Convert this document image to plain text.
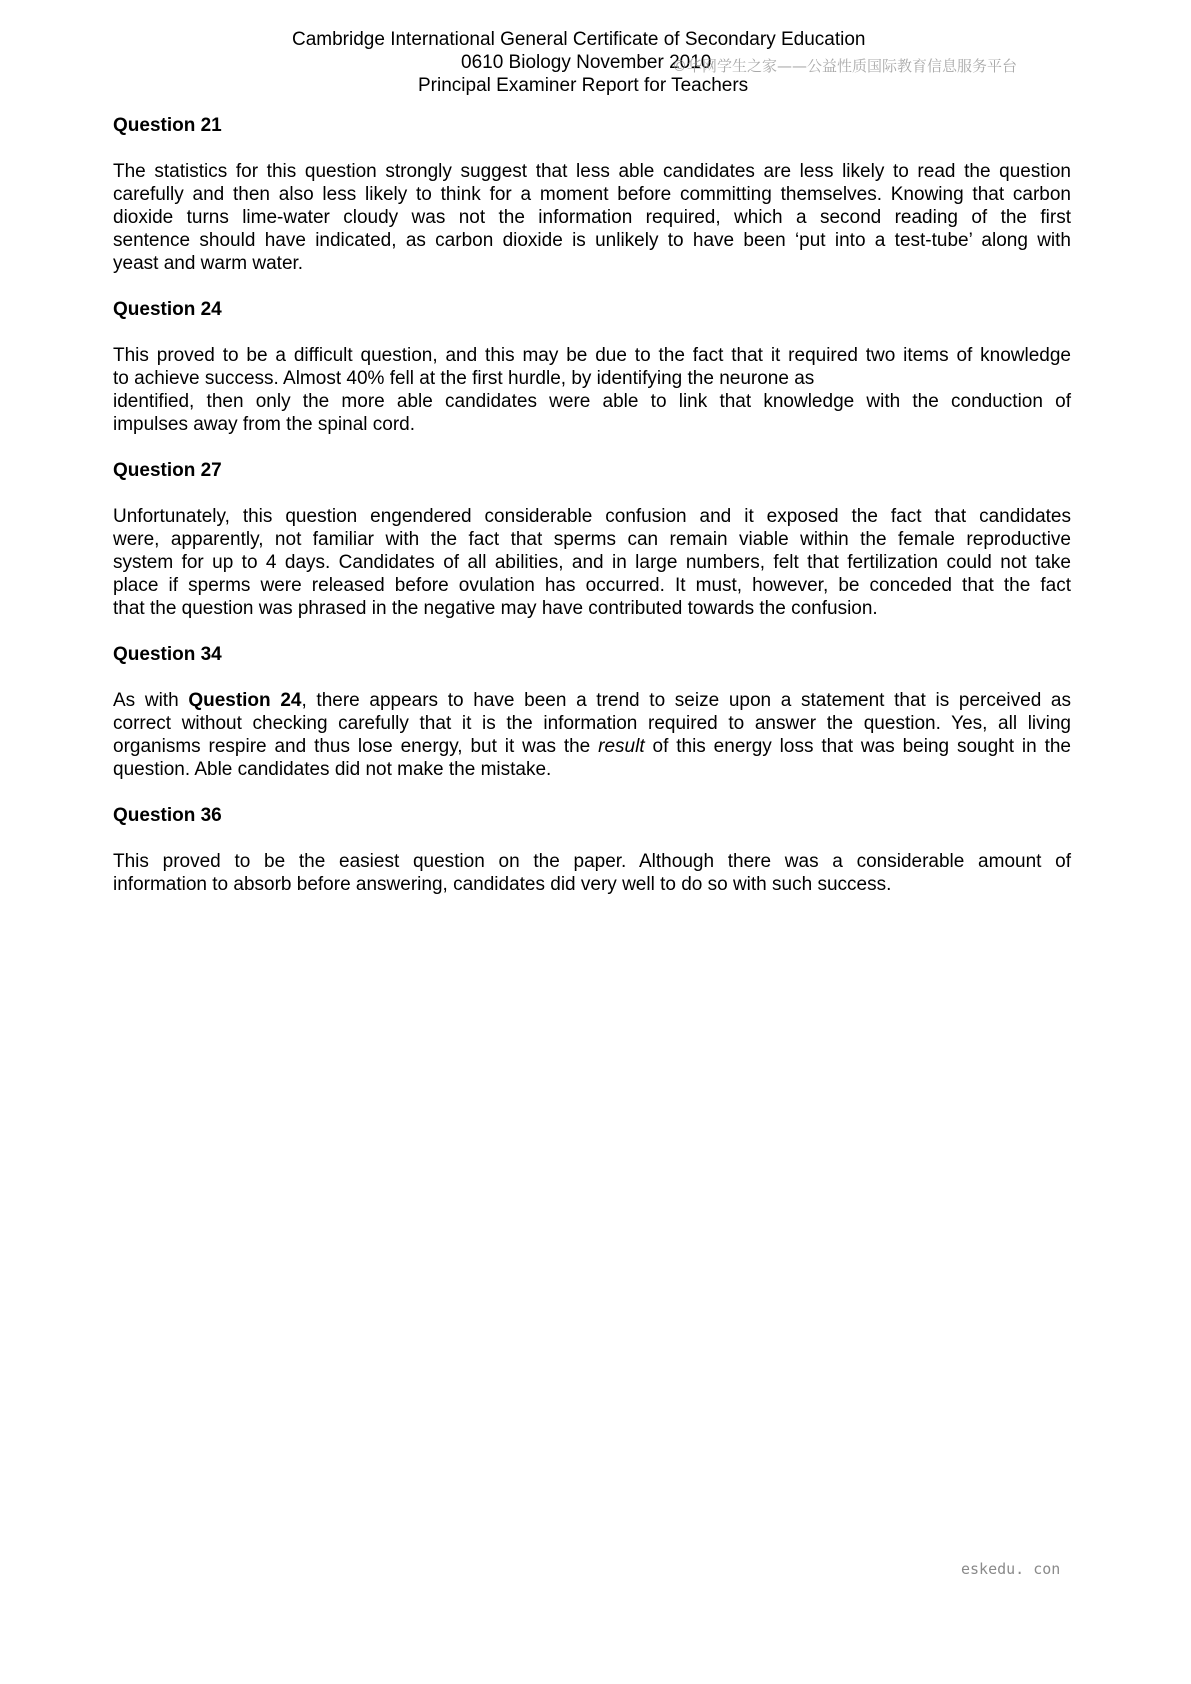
Cambridge International General Certificate of Secondary Education
0610 Biology November 2010
Principal Examiner Report for Teachers
©华网学生之家——公益性质国际教育信息服务平台
Question 21
The statistics for this question strongly suggest that less able candidates are less likely to read the question
carefully and then also less likely to think for a moment before committing themselves. Knowing that carbon
dioxide turns lime-water cloudy was not the information required, which a second reading of the first
sentence should have indicated, as carbon dioxide is unlikely to have been ‘put into a test-tube’ along with
yeast and warm water.
Question 24
This proved to be a difficult question, and this may be due to the fact that it required two items of knowledge
to achieve success. Almost 40% fell at the first hurdle, by identifying the neurone as
identified, then only the more able candidates were able to link that knowledge with the conduction of
impulses away from the spinal cord.
Question 27
Unfortunately, this question engendered considerable confusion and it exposed the fact that candidates
were, apparently, not familiar with the fact that sperms can remain viable within the female reproductive
system for up to 4 days. Candidates of all abilities, and in large numbers, felt that fertilization could not take
place if sperms were released before ovulation has occurred. It must, however, be conceded that the fact
that the question was phrased in the negative may have contributed towards the confusion.
Question 34
As with Question 24, there appears to have been a trend to seize upon a statement that is perceived as
correct without checking carefully that it is the information required to answer the question. Yes, all living
organisms respire and thus lose energy, but it was the result of this energy loss that was being sought in the
question. Able candidates did not make the mistake.
Question 36
This proved to be the easiest question on the paper. Although there was a considerable amount of
information to absorb before answering, candidates did very well to do so with such success.
eskedu. con
